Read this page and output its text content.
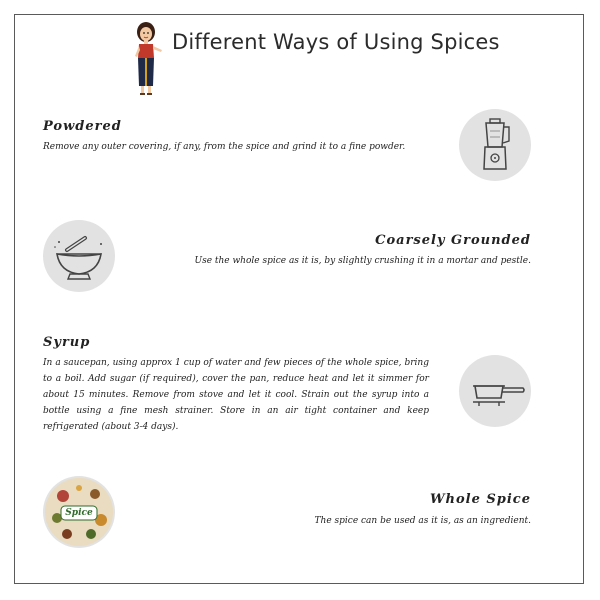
Different Ways of Using Spices
Powdered
Remove any outer covering, if any, from the spice and grind it to a fine powder.
Coarsely Grounded
Use the whole spice as it is, by slightly crushing it in a mortar and pestle.
Syrup
In a saucepan, using approx 1 cup of water and few pieces of the whole spice, bring to a boil. Add sugar (if required), cover the pan, reduce heat and let it simmer for about 15 minutes. Remove from stove and let it cool. Strain out the syrup into a bottle using a fine mesh strainer. Store in an air tight container and keep refrigerated (about 3-4 days).
Spice
Whole Spice
The spice can be used as it is, as an ingredient.
